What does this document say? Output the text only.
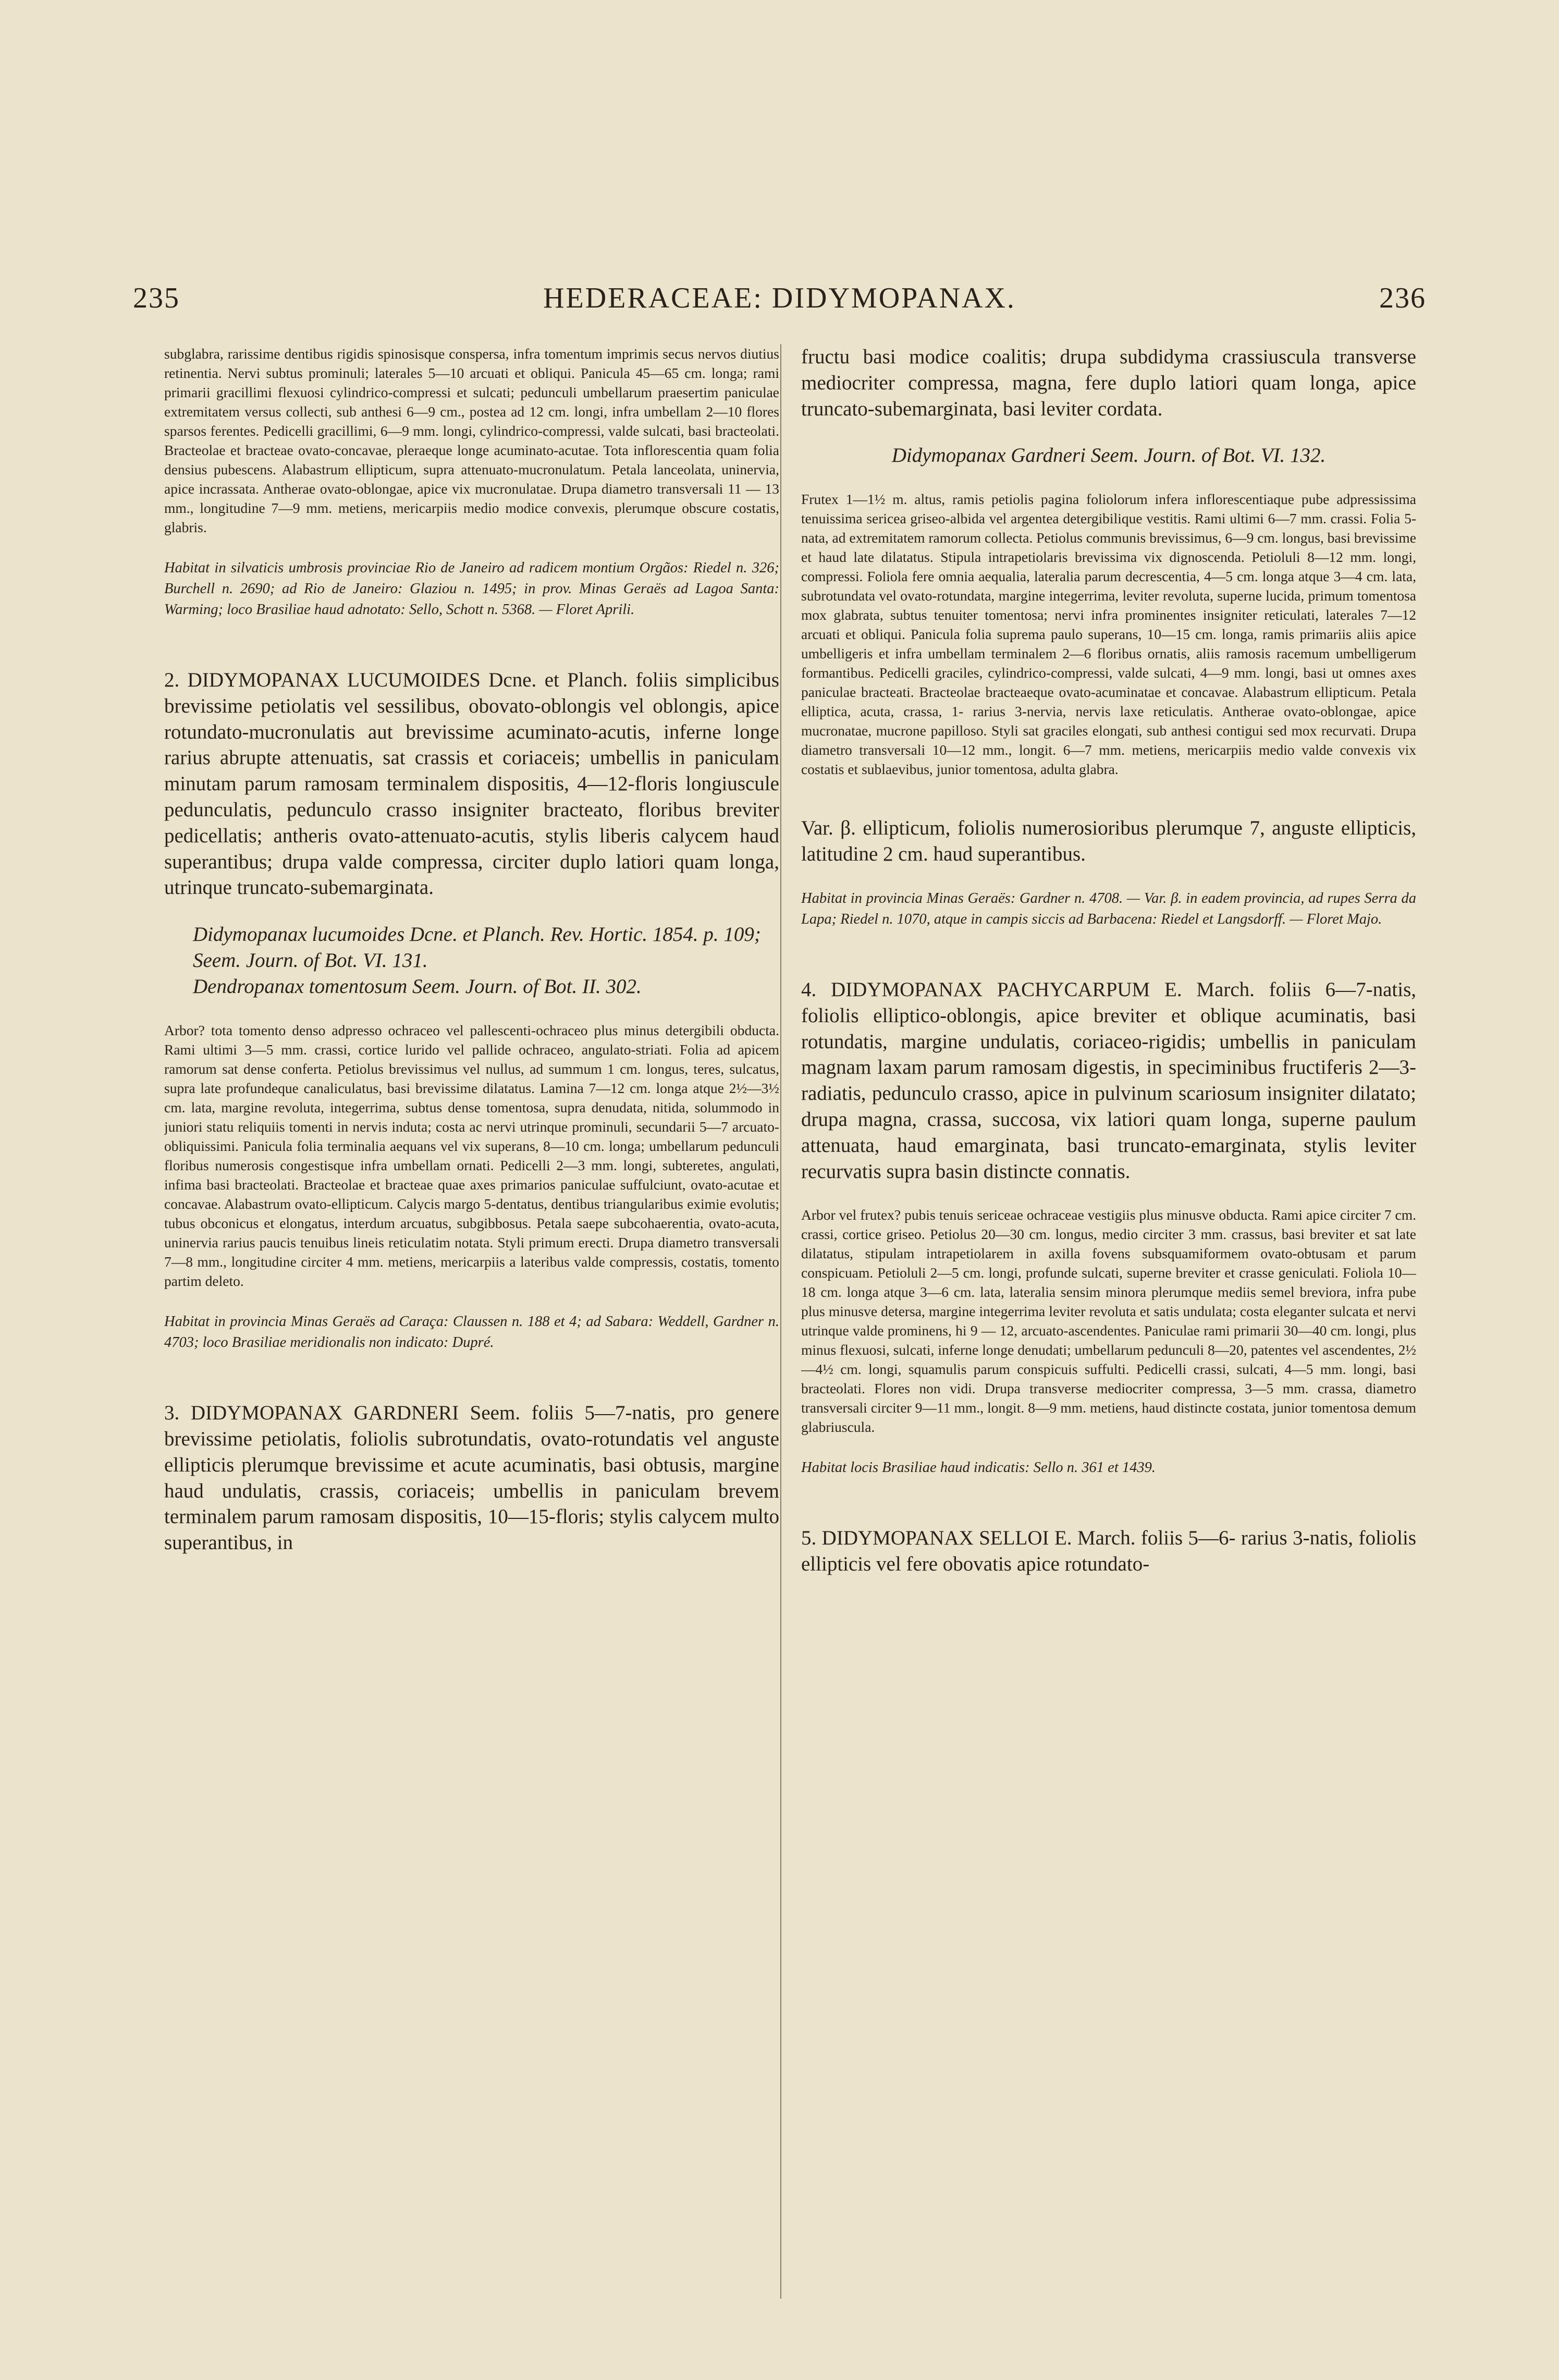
235	HEDERACEAE: DIDYMOPANAX.	236

subglabra, rarissime dentibus rigidis spinosisque conspersa, infra tomentum imprimis secus nervos diutius retinentia. Nervi subtus prominuli; laterales 5—10 arcuati et obliqui. Panicula 45—65 cm. longa; rami primarii gracillimi flexuosi cylindrico-compressi et sulcati; pedunculi umbellarum praesertim paniculae extremitatem versus collecti, sub anthesi 6—9 cm., postea ad 12 cm. longi, infra umbellam 2—10 flores sparsos ferentes. Pedicelli gracillimi, 6—9 mm. longi, cylindrico-compressi, valde sulcati, basi bracteolati. Bracteolae et bracteae ovato-concavae, pleraeque longe acuminato-acutae. Tota inflorescentia quam folia densius pubescens. Alabastrum ellipticum, supra attenuato-mucronulatum. Petala lanceolata, uninervia, apice incrassata. Antherae ovato-oblongae, apice vix mucronulatae. Drupa diametro transversali 11 — 13 mm., longitudine 7—9 mm. metiens, mericarpiis medio modice convexis, plerumque obscure costatis, glabris.

Habitat in silvaticis umbrosis provinciae Rio de Janeiro ad radicem montium Orgãos: Riedel n. 326; Burchell n. 2690; ad Rio de Janeiro: Glaziou n. 1495; in prov. Minas Geraës ad Lagoa Santa: Warming; loco Brasiliae haud adnotato: Sello, Schott n. 5368. — Floret Aprili.

2. DIDYMOPANAX LUCUMOIDES Dcne. et Planch. foliis simplicibus brevissime petiolatis vel sessilibus, obovato-oblongis vel oblongis, apice rotundato-mucronulatis aut brevissime acuminato-acutis, inferne longe rarius abrupte attenuatis, sat crassis et coriaceis; umbellis in paniculam minutam parum ramosam terminalem dispositis, 4—12-floris longiuscule pedunculatis, pedunculo crasso insigniter bracteato, floribus breviter pedicellatis; antheris ovato-attenuato-acutis, stylis liberis calycem haud superantibus; drupa valde compressa, circiter duplo latiori quam longa, utrinque truncato-subemarginata.

Didymopanax lucumoides Dcne. et Planch. Rev. Hortic. 1854. p. 109; Seem. Journ. of Bot. VI. 131.

Dendropanax tomentosum Seem. Journ. of Bot. II. 302.

Arbor? tota tomento denso adpresso ochraceo vel pallescenti-ochraceo plus minus detergibili obducta. Rami ultimi 3—5 mm. crassi, cortice lurido vel pallide ochraceo, angulato-striati. Folia ad apicem ramorum sat dense conferta. Petiolus brevissimus vel nullus, ad summum 1 cm. longus, teres, sulcatus, supra late profundeque canaliculatus, basi brevissime dilatatus. Lamina 7—12 cm. longa atque 2½—3½ cm. lata, margine revoluta, integerrima, subtus dense tomentosa, supra denudata, nitida, solummodo in juniori statu reliquiis tomenti in nervis induta; costa ac nervi utrinque prominuli, secundarii 5—7 arcuato-obliquissimi. Panicula folia terminalia aequans vel vix superans, 8—10 cm. longa; umbellarum pedunculi floribus numerosis congestisque infra umbellam ornati. Pedicelli 2—3 mm. longi, subteretes, angulati, infima basi bracteolati. Bracteolae et bracteae quae axes primarios paniculae suffulciunt, ovato-acutae et concavae. Alabastrum ovato-ellipticum. Calycis margo 5-dentatus, dentibus triangularibus eximie evolutis; tubus obconicus et elongatus, interdum arcuatus, subgibbosus. Petala saepe subcohaerentia, ovato-acuta, uninervia rarius paucis tenuibus lineis reticulatim notata. Styli primum erecti. Drupa diametro transversali 7—8 mm., longitudine circiter 4 mm. metiens, mericarpiis a lateribus valde compressis, costatis, tomento partim deleto.

Habitat in provincia Minas Geraës ad Caraça: Claussen n. 188 et 4; ad Sabara: Weddell, Gardner n. 4703; loco Brasiliae meridionalis non indicato: Dupré.

3. DIDYMOPANAX GARDNERI Seem. foliis 5—7-natis, pro genere brevissime petiolatis, foliolis subrotundatis, ovato-rotundatis vel anguste ellipticis plerumque brevissime et acute acuminatis, basi obtusis, margine haud undulatis, crassis, coriaceis; umbellis in paniculam brevem terminalem parum ramosam dispositis, 10—15-floris; stylis calycem multo superantibus, in

fructu basi modice coalitis; drupa subdidyma crassiuscula transverse mediocriter compressa, magna, fere duplo latiori quam longa, apice truncato-subemarginata, basi leviter cordata.

Didymopanax Gardneri Seem. Journ. of Bot. VI. 132.

Frutex 1—1½ m. altus, ramis petiolis pagina foliolorum infera inflorescentiaque pube adpressissima tenuissima sericea griseo-albida vel argentea detergibilique vestitis. Rami ultimi 6—7 mm. crassi. Folia 5-nata, ad extremitatem ramorum collecta. Petiolus communis brevissimus, 6—9 cm. longus, basi brevissime et haud late dilatatus. Stipula intrapetiolaris brevissima vix dignoscenda. Petioluli 8—12 mm. longi, compressi. Foliola fere omnia aequalia, lateralia parum decrescentia, 4—5 cm. longa atque 3—4 cm. lata, subrotundata vel ovato-rotundata, margine integerrima, leviter revoluta, superne lucida, primum tomentosa mox glabrata, subtus tenuiter tomentosa; nervi infra prominentes insigniter reticulati, laterales 7—12 arcuati et obliqui. Panicula folia suprema paulo superans, 10—15 cm. longa, ramis primariis aliis apice umbelligeris et infra umbellam terminalem 2—6 floribus ornatis, aliis ramosis racemum umbelligerum formantibus. Pedicelli graciles, cylindrico-compressi, valde sulcati, 4—9 mm. longi, basi ut omnes axes paniculae bracteati. Bracteolae bracteaeque ovato-acuminatae et concavae. Alabastrum ellipticum. Petala elliptica, acuta, crassa, 1- rarius 3-nervia, nervis laxe reticulatis. Antherae ovato-oblongae, apice mucronatae, mucrone papilloso. Styli sat graciles elongati, sub anthesi contigui sed mox recurvati. Drupa diametro transversali 10—12 mm., longit. 6—7 mm. metiens, mericarpiis medio valde convexis vix costatis et sublaevibus, junior tomentosa, adulta glabra.

Var. β. ellipticum, foliolis numerosioribus plerumque 7, anguste ellipticis, latitudine 2 cm. haud superantibus.

Habitat in provincia Minas Geraës: Gardner n. 4708. — Var. β. in eadem provincia, ad rupes Serra da Lapa; Riedel n. 1070, atque in campis siccis ad Barbacena: Riedel et Langsdorff. — Floret Majo.

4. DIDYMOPANAX PACHYCARPUM E. March. foliis 6—7-natis, foliolis elliptico-oblongis, apice breviter et oblique acuminatis, basi rotundatis, margine undulatis, coriaceo-rigidis; umbellis in paniculam magnam laxam parum ramosam digestis, in speciminibus fructiferis 2—3-radiatis, pedunculo crasso, apice in pulvinum scariosum insigniter dilatato; drupa magna, crassa, succosa, vix latiori quam longa, superne paulum attenuata, haud emarginata, basi truncato-emarginata, stylis leviter recurvatis supra basin distincte connatis.

Arbor vel frutex? pubis tenuis sericeae ochraceae vestigiis plus minusve obducta. Rami apice circiter 7 cm. crassi, cortice griseo. Petiolus 20—30 cm. longus, medio circiter 3 mm. crassus, basi breviter et sat late dilatatus, stipulam intrapetiolarem in axilla fovens subsquamiformem ovato-obtusam et parum conspicuam. Petioluli 2—5 cm. longi, profunde sulcati, superne breviter et crasse geniculati. Foliola 10—18 cm. longa atque 3—6 cm. lata, lateralia sensim minora plerumque mediis semel breviora, infra pube plus minusve detersa, margine integerrima leviter revoluta et satis undulata; costa eleganter sulcata et nervi utrinque valde prominens, hi 9 — 12, arcuato-ascendentes. Paniculae rami primarii 30—40 cm. longi, plus minus flexuosi, sulcati, inferne longe denudati; umbellarum pedunculi 8—20, patentes vel ascendentes, 2½—4½ cm. longi, squamulis parum conspicuis suffulti. Pedicelli crassi, sulcati, 4—5 mm. longi, basi bracteolati. Flores non vidi. Drupa transverse mediocriter compressa, 3—5 mm. crassa, diametro transversali circiter 9—11 mm., longit. 8—9 mm. metiens, haud distincte costata, junior tomentosa demum glabriuscula.

Habitat locis Brasiliae haud indicatis: Sello n. 361 et 1439.

5. DIDYMOPANAX SELLOI E. March. foliis 5—6- rarius 3-natis, foliolis ellipticis vel fere obovatis apice rotundato-
